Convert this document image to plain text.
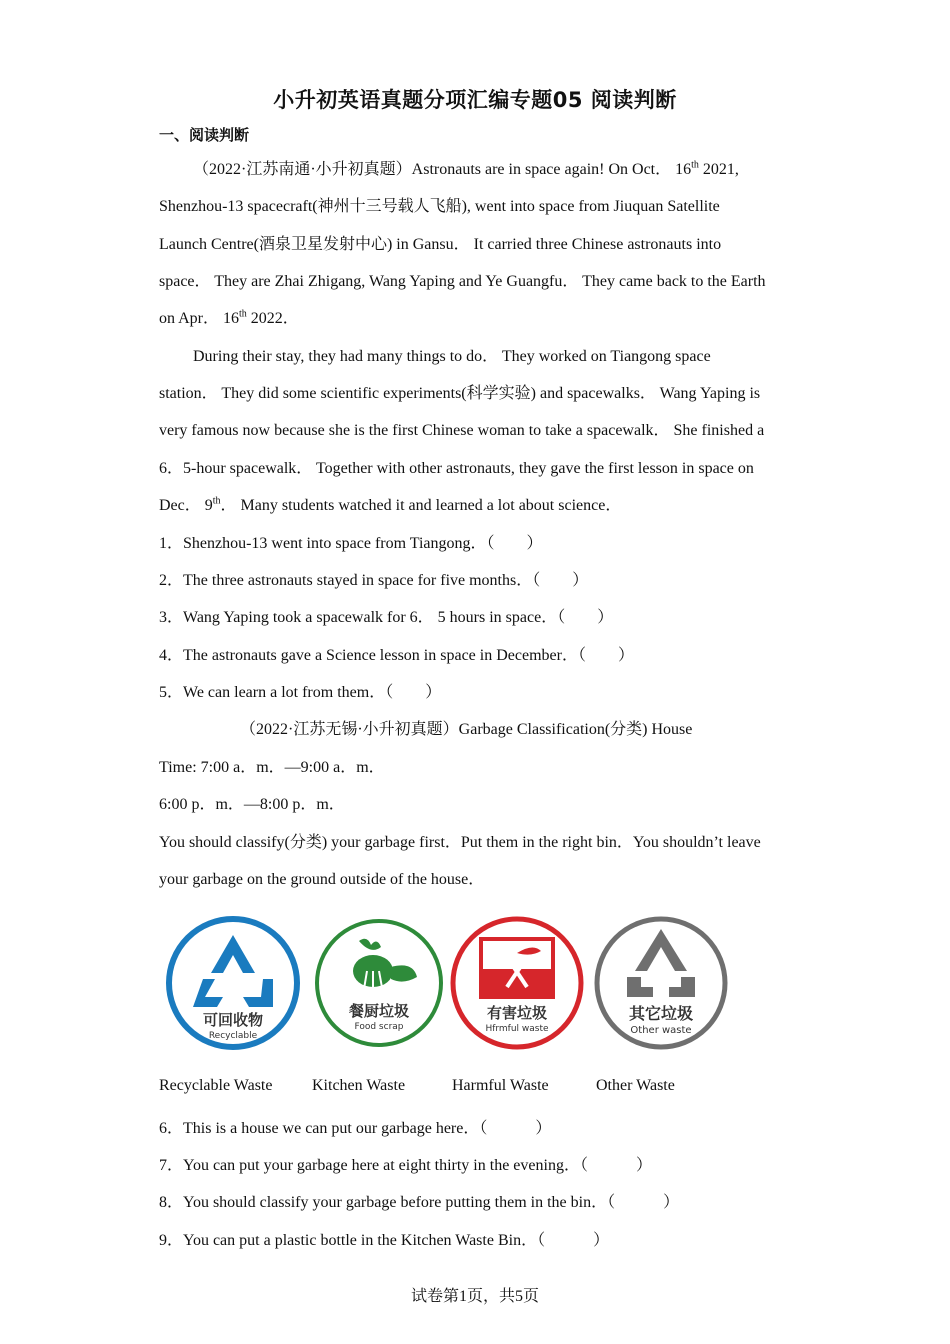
小升初英语真题分项汇编专题05 阅读判断
一、阅读判断
（2022·江苏南通·小升初真题）Astronauts are in space again! On Oct． 16th 2021,
Shenzhou-13 spacecraft(神州十三号载人飞船), went into space from Jiuquan Satellite
Launch Centre(酒泉卫星发射中心) in Gansu． It carried three Chinese astronauts into
space． They are Zhai Zhigang, Wang Yaping and Ye Guangfu． They came back to the Earth
on Apr． 16th 2022．
During their stay, they had many things to do． They worked on Tiangong space
station． They did some scientific experiments(科学实验) and spacewalks． Wang Yaping is
very famous now because she is the first Chinese woman to take a spacewalk． She finished a
6．5-hour spacewalk． Together with other astronauts, they gave the first lesson in space on
Dec． 9th． Many students watched it and learned a lot about science．
1．Shenzhou-13 went into space from Tiangong．（　　）
2．The three astronauts stayed in space for five months．（　　）
3．Wang Yaping took a spacewalk for 6． 5 hours in space．（　　）
4．The astronauts gave a Science lesson in space in December．（　　）
5．We can learn a lot from them．（　　）
（2022·江苏无锡·小升初真题）Garbage Classification(分类) House
Time: 7:00 a．m．—9:00 a．m．
6:00 p．m．—8:00 p．m．
You should classify(分类) your garbage first．Put them in the right bin．You shouldn’t leave
your garbage on the ground outside of the house．
可回收物
Recyclable
餐厨垃圾
Food scrap
有害垃圾
Hfrmful waste
其它垃圾
Other waste
Recyclable Waste Kitchen Waste	Harmful Waste	Other Waste
6．This is a house we can put our garbage here．（　　　）
7．You can put your garbage here at eight thirty in the evening．（　　　）
8．You should classify your garbage before putting them in the bin．（　　　）
9．You can put a plastic bottle in the Kitchen Waste Bin．（　　　）
试卷第1页，共5页
